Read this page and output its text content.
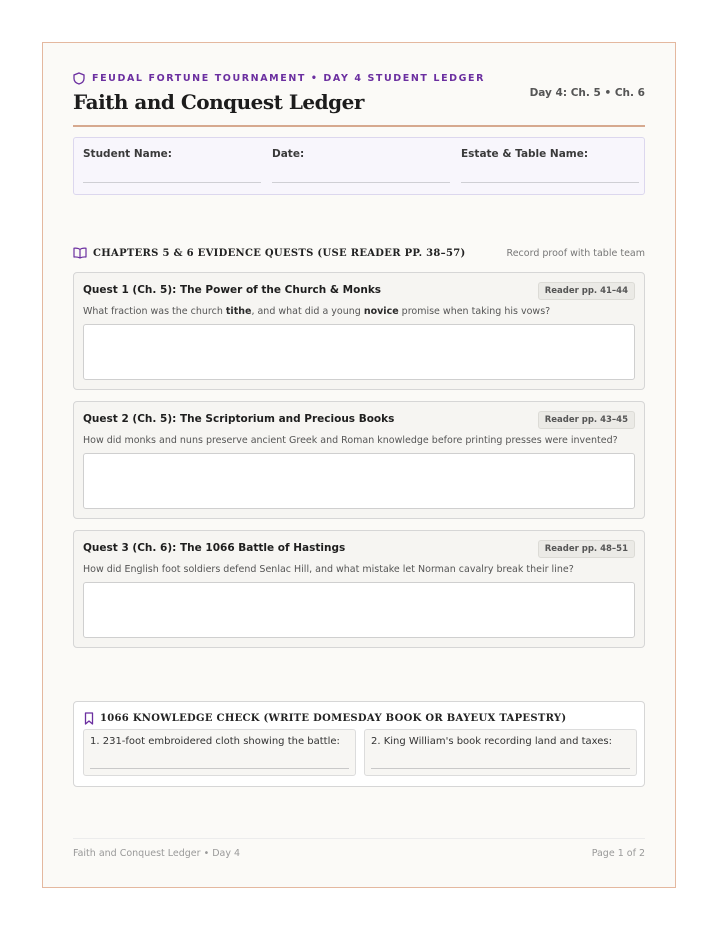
FEUDAL FORTUNE TOURNAMENT • DAY 4 STUDENT LEDGER
Faith and Conquest Ledger	Day 4: Ch. 5 • Ch. 6
Student Name:	Date:	Estate & Table Name:
CHAPTERS 5 & 6 EVIDENCE QUESTS (USE READER PP. 38–57)	Record proof with table team
Quest 1 (Ch. 5): The Power of the Church & Monks	Reader pp. 41–44
What fraction was the church tithe, and what did a young novice promise when taking his vows?
Quest 2 (Ch. 5): The Scriptorium and Precious Books	Reader pp. 43–45
How did monks and nuns preserve ancient Greek and Roman knowledge before printing presses were invented?
Quest 3 (Ch. 6): The 1066 Battle of Hastings	Reader pp. 48–51
How did English foot soldiers defend Senlac Hill, and what mistake let Norman cavalry break their line?
1066 KNOWLEDGE CHECK (WRITE DOMESDAY BOOK OR BAYEUX TAPESTRY)
1. 231-foot embroidered cloth showing the battle:	2. King William's book recording land and taxes:
Faith and Conquest Ledger • Day 4	Page 1 of 2
